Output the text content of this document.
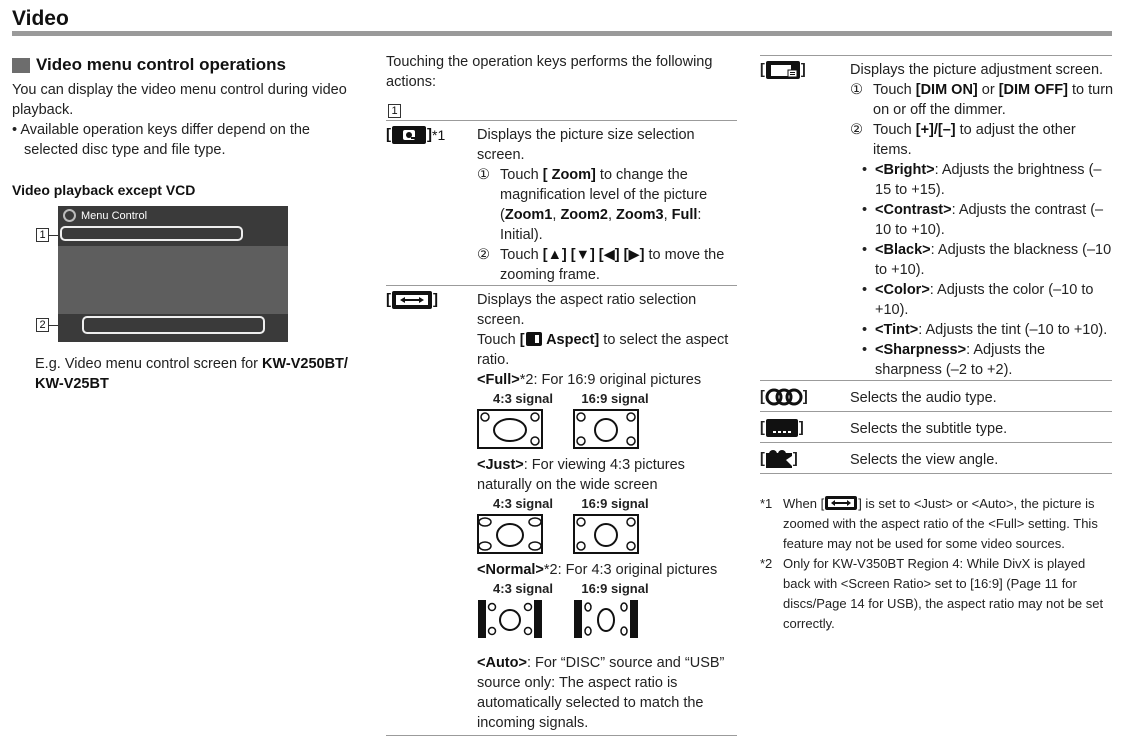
Video
Video menu control operations
You can display the video menu control during video playback.
• Available operation keys differ depend on the selected disc type and file type.
Video playback except VCD
1
2
Menu Control
E.g. Video menu control screen for KW-V250BT/
KW-V25BT
Touching the operation keys performs the following actions:
1
[ ] *1 Displays the picture size selection screen.
① Touch [ Zoom] to change the magnification level of the picture (Zoom1, Zoom2, Zoom3, Full: Initial).
② Touch [▲] [▼] [◀] [▶] to move the zooming frame.
[	]	Displays the aspect ratio selection screen.
Touch [ Aspect] to select the aspect ratio.
<Full>*2: For 16:9 original pictures
4:3 signal	16:9 signal
<Just>: For viewing 4:3 pictures naturally on the wide screen
4:3 signal	16:9 signal
<Normal>*2: For 4:3 original pictures
4:3 signal	16:9 signal
<Auto>: For “DISC” source and “USB” source only: The aspect ratio is automatically selected to match the incoming signals.
[ ]	Displays the picture adjustment screen.
① Touch [DIM ON] or [DIM OFF] to turn on or off the dimmer.
② Touch [+]/[–] to adjust the other items.
• <Bright>: Adjusts the brightness (–15 to +15).
• <Contrast>: Adjusts the contrast (–10 to +10).
• <Black>: Adjusts the blackness (–10 to +10).
• <Color>: Adjusts the color (–10 to +10).
• <Tint>: Adjusts the tint (–10 to +10).
• <Sharpness>: Adjusts the sharpness (–2 to +2).
[	]	Selects the audio type.
[ ]	Selects the subtitle type.
[ ]	Selects the view angle.
*1 When [	] is set to <Just> or <Auto>, the picture is zoomed with the aspect ratio of the <Full> setting. This feature may not be used for some video sources.
*2 Only for KW-V350BT Region 4: While DivX is played back with <Screen Ratio> set to [16:9] (Page 11 for discs/Page 14 for USB), the aspect ratio may not be set correctly.
